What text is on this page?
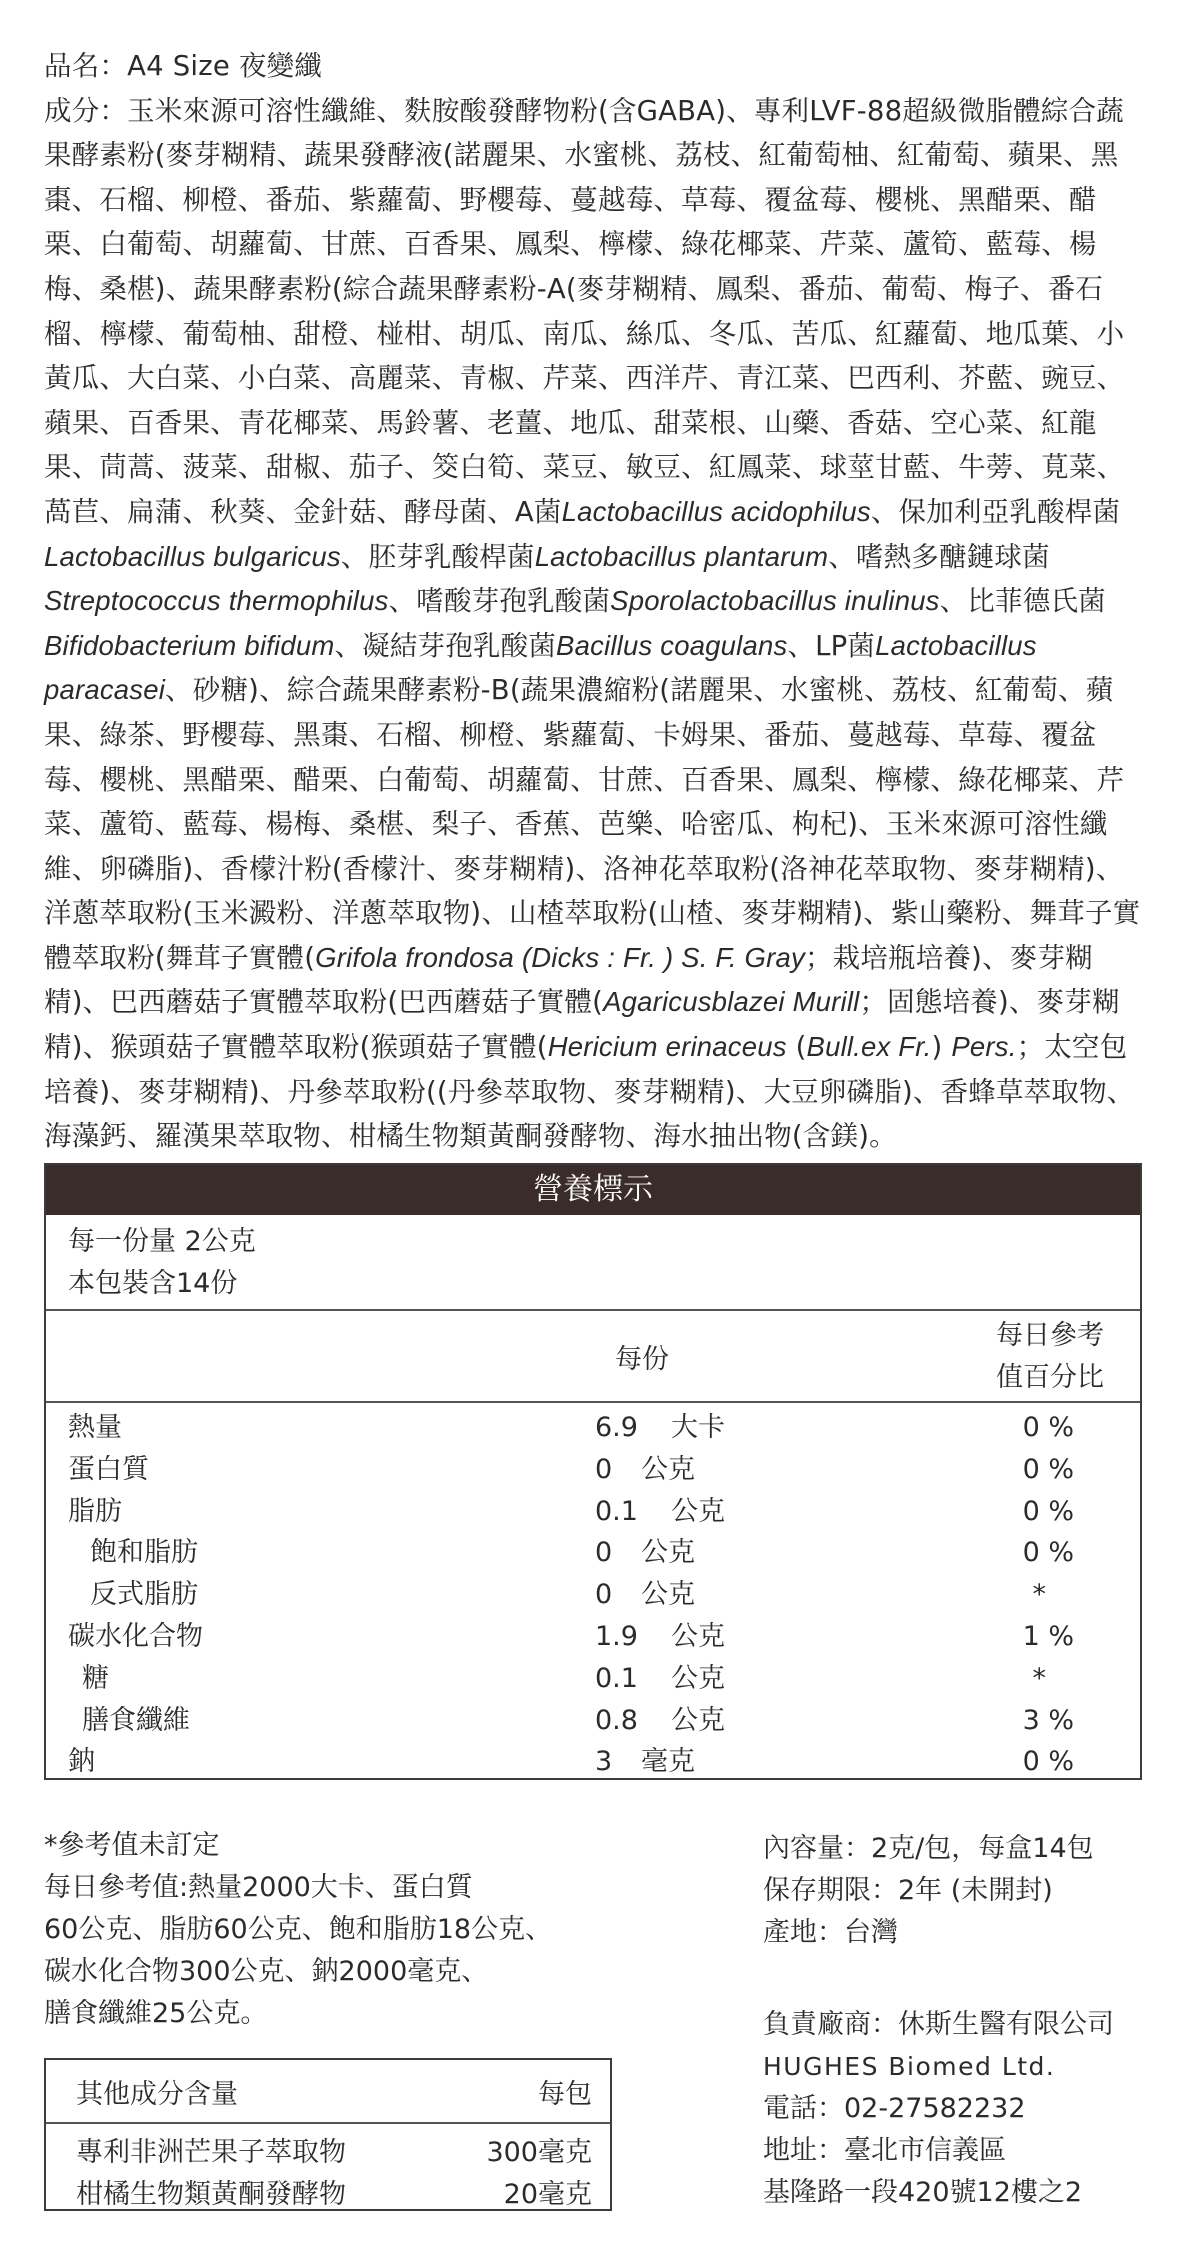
品名：A4 Size 夜變纖

成分：玉米來源可溶性纖維、麩胺酸發酵物粉(含GABA)、專利LVF-88超級微脂體綜合蔬果酵素粉(麥芽糊精、蔬果發酵液(諾麗果、水蜜桃、荔枝、紅葡萄柚、紅葡萄、蘋果、黑棗、石榴、柳橙、番茄、紫蘿蔔、野櫻莓、蔓越莓、草莓、覆盆莓、櫻桃、黑醋栗、醋栗、白葡萄、胡蘿蔔、甘蔗、百香果、鳳梨、檸檬、綠花椰菜、芹菜、蘆筍、藍莓、楊梅、桑椹)、蔬果酵素粉(綜合蔬果酵素粉-A(麥芽糊精、鳳梨、番茄、葡萄、梅子、番石榴、檸檬、葡萄柚、甜橙、椪柑、胡瓜、南瓜、絲瓜、冬瓜、苦瓜、紅蘿蔔、地瓜葉、小黃瓜、大白菜、小白菜、高麗菜、青椒、芹菜、西洋芹、青江菜、巴西利、芥藍、豌豆、蘋果、百香果、青花椰菜、馬鈴薯、老薑、地瓜、甜菜根、山藥、香菇、空心菜、紅龍果、茼蒿、菠菜、甜椒、茄子、筊白筍、菜豆、敏豆、紅鳳菜、球莖甘藍、牛蒡、莧菜、萵苣、扁蒲、秋葵、金針菇、酵母菌、A菌Lactobacillus acidophilus、保加利亞乳酸桿菌Lactobacillus bulgaricus、胚芽乳酸桿菌Lactobacillus plantarum、嗜熱多醣鏈球菌Streptococcus thermophilus、嗜酸芽孢乳酸菌Sporolactobacillus inulinus、比菲德氏菌Bifidobacterium bifidum、凝結芽孢乳酸菌Bacillus coagulans、LP菌Lactobacillus paracasei、砂糖)、綜合蔬果酵素粉-B(蔬果濃縮粉(諾麗果、水蜜桃、荔枝、紅葡萄、蘋果、綠茶、野櫻莓、黑棗、石榴、柳橙、紫蘿蔔、卡姆果、番茄、蔓越莓、草莓、覆盆莓、櫻桃、黑醋栗、醋栗、白葡萄、胡蘿蔔、甘蔗、百香果、鳳梨、檸檬、綠花椰菜、芹菜、蘆筍、藍莓、楊梅、桑椹、梨子、香蕉、芭樂、哈密瓜、枸杞)、玉米來源可溶性纖維、卵磷脂)、香檬汁粉(香檬汁、麥芽糊精)、洛神花萃取粉(洛神花萃取物、麥芽糊精)、洋蔥萃取粉(玉米澱粉、洋蔥萃取物)、山楂萃取粉(山楂、麥芽糊精)、紫山藥粉、舞茸子實體萃取粉(舞茸子實體(Grifola frondosa (Dicks : Fr. ) S. F. Gray；栽培瓶培養)、麥芽糊精)、巴西蘑菇子實體萃取粉(巴西蘑菇子實體(Agaricusblazei Murill；固態培養)、麥芽糊精)、猴頭菇子實體萃取粉(猴頭菇子實體(Hericium erinaceus (Bull.ex Fr.) Pers.；太空包培養)、麥芽糊精)、丹參萃取粉((丹參萃取物、麥芽糊精)、大豆卵磷脂)、香蜂草萃取物、海藻鈣、羅漢果萃取物、柑橘生物類黃酮發酵物、海水抽出物(含鎂)。

營養標示
每一份量 2公克
本包裝含14份
每份
每日參考
值百分比
熱量	6.9 大卡	0 %
蛋白質	0 公克	0 %
脂肪	0.1 公克	0 %
飽和脂肪	0 公克	0 %
反式脂肪	0 公克	*
碳水化合物	1.9 公克	1 %
糖	0.1 公克	*
膳食纖維	0.8 公克	3 %
鈉	3 毫克	0 %

*參考值未訂定

每日參考值:熱量2000大卡、蛋白質

60公克、脂肪60公克、飽和脂肪18公克、

碳水化合物300公克、鈉2000毫克、

膳食纖維25公克。

內容量：2克/包，每盒14包

保存期限：2年 (未開封)

產地：台灣

負責廠商：休斯生醫有限公司

HUGHES Biomed Ltd.

電話：02-27582232

地址：臺北市信義區

基隆路一段420號12樓之2

其他成分含量	每包
專利非洲芒果子萃取物	300毫克
柑橘生物類黃酮發酵物	20毫克
